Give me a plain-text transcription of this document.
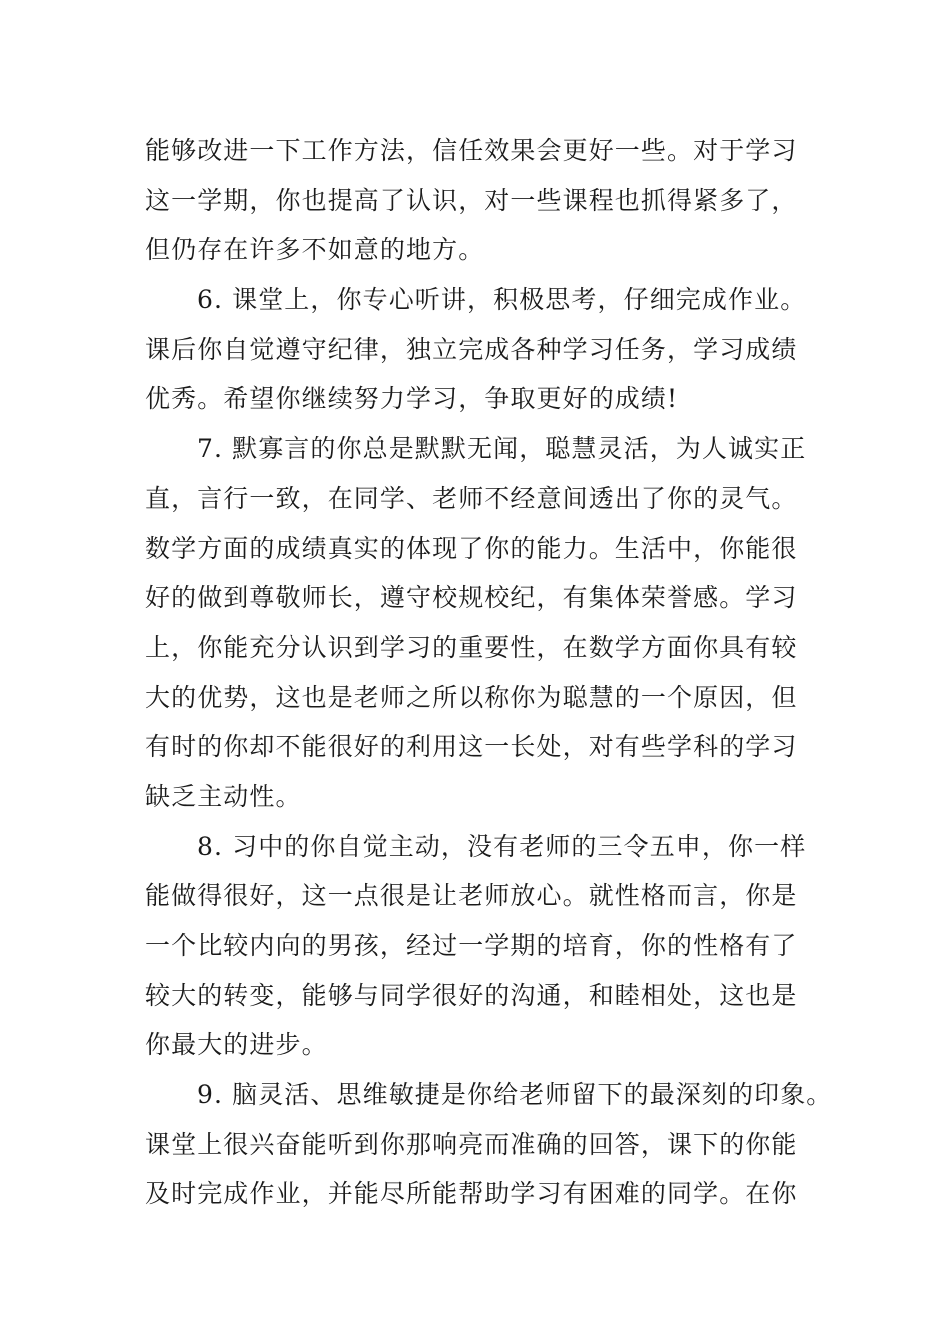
能够改进一下工作方法，信任效果会更好一些。对于学习
这一学期，你也提高了认识，对一些课程也抓得紧多了，
但仍存在许多不如意的地方。
6. 课堂上，你专心听讲，积极思考，仔细完成作业。
课后你自觉遵守纪律，独立完成各种学习任务，学习成绩
优秀。希望你继续努力学习，争取更好的成绩!
7. 默寡言的你总是默默无闻，聪慧灵活，为人诚实正
直，言行一致，在同学、老师不经意间透出了你的灵气。
数学方面的成绩真实的体现了你的能力。生活中，你能很
好的做到尊敬师长，遵守校规校纪，有集体荣誉感。学习
上，你能充分认识到学习的重要性，在数学方面你具有较
大的优势，这也是老师之所以称你为聪慧的一个原因，但
有时的你却不能很好的利用这一长处，对有些学科的学习
缺乏主动性。
8. 习中的你自觉主动，没有老师的三令五申，你一样
能做得很好，这一点很是让老师放心。就性格而言，你是
一个比较内向的男孩，经过一学期的培育，你的性格有了
较大的转变，能够与同学很好的沟通，和睦相处，这也是
你最大的进步。
9. 脑灵活、思维敏捷是你给老师留下的最深刻的印象。
课堂上很兴奋能听到你那响亮而准确的回答，课下的你能
及时完成作业，并能尽所能帮助学习有困难的同学。在你
